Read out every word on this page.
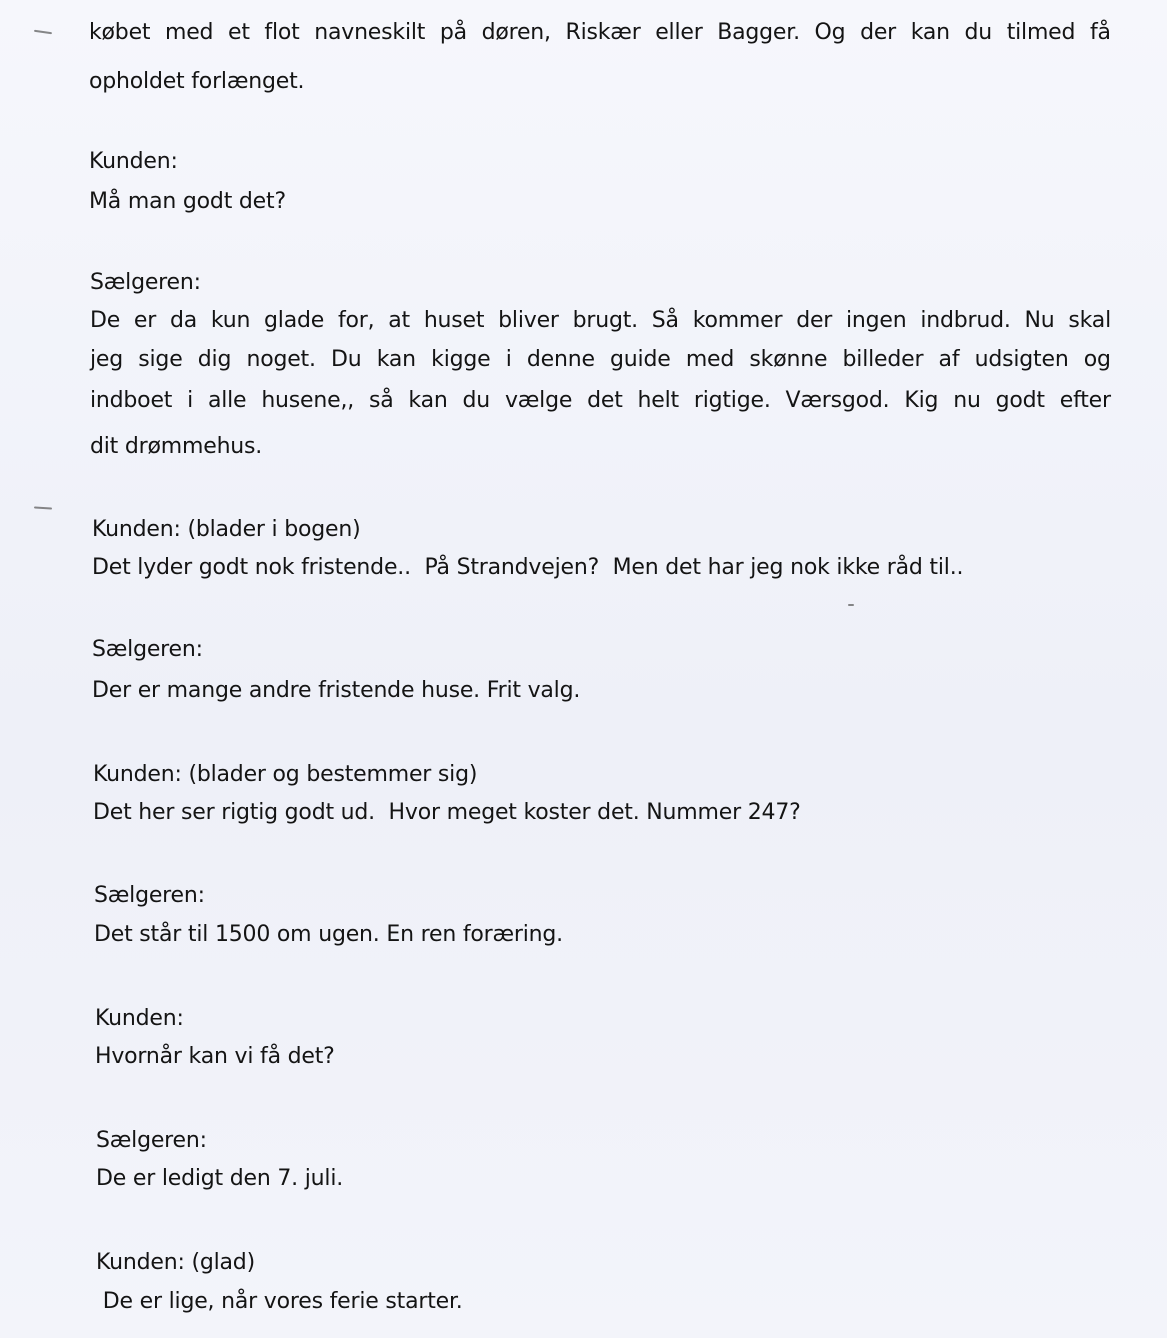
købet med et flot navneskilt på døren, Riskær eller Bagger. Og der kan du tilmed få
opholdet forlænget.
Kunden:
Må man godt det?
Sælgeren:
De er da kun glade for, at huset bliver brugt. Så kommer der ingen indbrud. Nu skal
jeg sige dig noget. Du kan kigge i denne guide med skønne billeder af udsigten og
indboet i alle husene,, så kan du vælge det helt rigtige. Værsgod. Kig nu godt efter
dit drømmehus.
Kunden: (blader i bogen)
Det lyder godt nok fristende..  På Strandvejen?  Men det har jeg nok ikke råd til..
Sælgeren:
Der er mange andre fristende huse. Frit valg.
Kunden: (blader og bestemmer sig)
Det her ser rigtig godt ud.  Hvor meget koster det. Nummer 247?
Sælgeren:
Det står til 1500 om ugen. En ren foræring.
Kunden:
Hvornår kan vi få det?
Sælgeren:
De er ledigt den 7. juli.
Kunden: (glad)
De er lige, når vores ferie starter.
